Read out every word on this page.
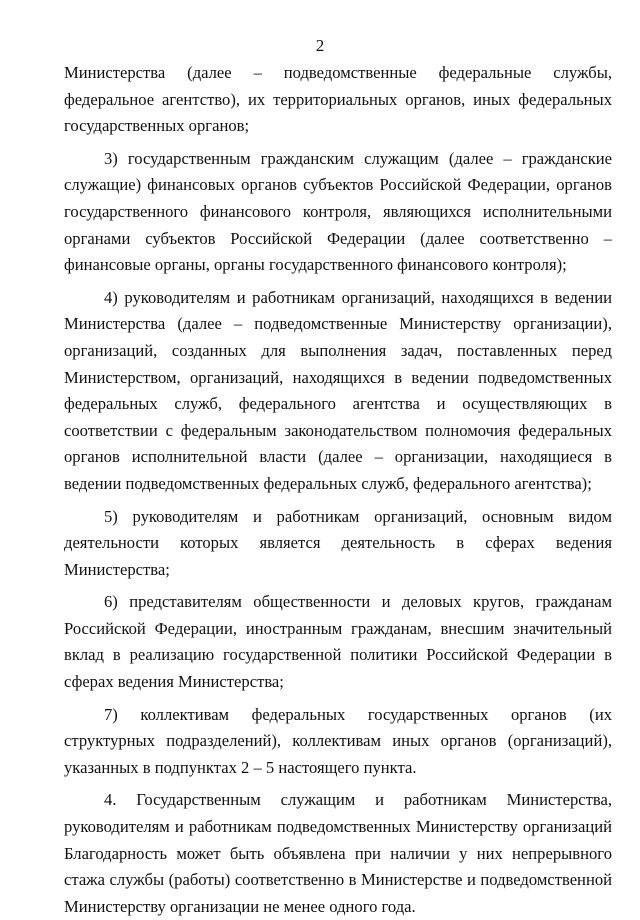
2

Министерства (далее – подведомственные федеральные службы, федеральное агентство), их территориальных органов, иных федеральных государственных органов;

3) государственным гражданским служащим (далее – гражданские служащие) финансовых органов субъектов Российской Федерации, органов государственного финансового контроля, являющихся исполнительными органами субъектов Российской Федерации (далее соответственно – финансовые органы, органы государственного финансового контроля);

4) руководителям и работникам организаций, находящихся в ведении Министерства (далее – подведомственные Министерству организации), организаций, созданных для выполнения задач, поставленных перед Министерством, организаций, находящихся в ведении подведомственных федеральных служб, федерального агентства и осуществляющих в соответствии с федеральным законодательством полномочия федеральных органов исполнительной власти (далее – организации, находящиеся в ведении подведомственных федеральных служб, федерального агентства);

5) руководителям и работникам организаций, основным видом деятельности которых является деятельность в сферах ведения Министерства;

6) представителям общественности и деловых кругов, гражданам Российской Федерации, иностранным гражданам, внесшим значительный вклад в реализацию государственной политики Российской Федерации в сферах ведения Министерства;

7) коллективам федеральных государственных органов (их структурных подразделений), коллективам иных органов (организаций), указанных в подпунктах 2 – 5 настоящего пункта.

4. Государственным служащим и работникам Министерства, руководителям и работникам подведомственных Министерству организаций Благодарность может быть объявлена при наличии у них непрерывного стажа службы (работы) соответственно в Министерстве и подведомственной Министерству организации не менее одного года.
